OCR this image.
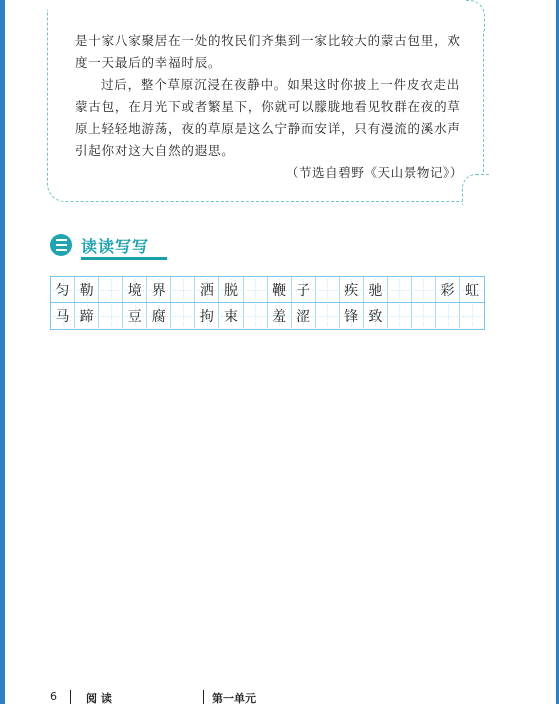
是十家八家聚居在一处的牧民们齐集到一家比较大的蒙古包里，欢度一天最后的幸福时辰。

过后，整个草原沉浸在夜静中。如果这时你披上一件皮衣走出蒙古包，在月光下或者繁星下，你就可以朦胧地看见牧群在夜的草原上轻轻地游荡，夜的草原是这么宁静而安详，只有漫流的溪水声引起你对这大自然的遐思。

（节选自碧野《天山景物记》）
读读写写
匀 勒 境 界 洒 脱 鞭 子 疾 驰	彩 虹
马 蹄 豆 腐 拘 束 羞 涩 锋 致
6	阅 读	第一单元
